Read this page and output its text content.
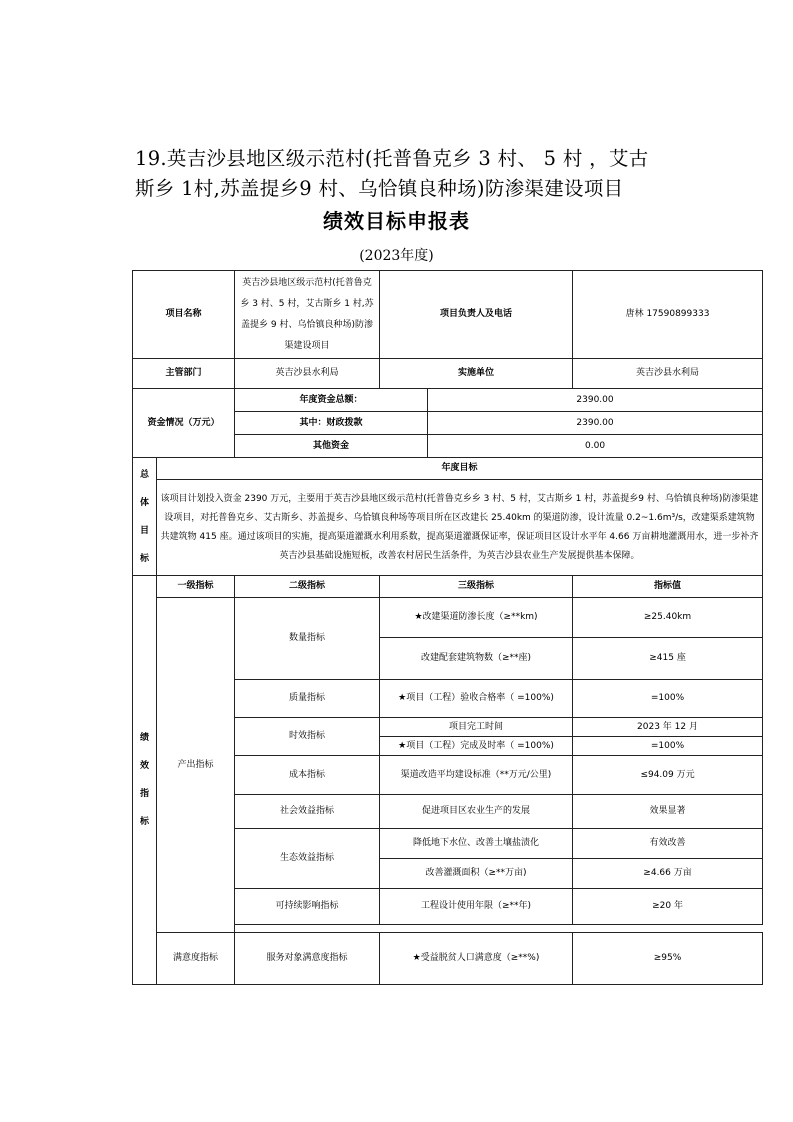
19.英吉沙县地区级示范村(托普鲁克乡 3 村、 5 村 ，艾古
斯乡 1村,苏盖提乡9 村、乌恰镇良种场)防渗渠建设项目
绩效目标申报表
(2023年度)
项目名称		英吉沙县地区级示范村(托普鲁克乡 3 村、5 村，艾古斯乡 1 村,苏盖提乡 9 村、乌恰镇良种场)防渗渠建设项目	项目负责人及电话		唐林 17590899333
主管部门		英吉沙县水利局	实施单位		英吉沙县水利局
资金情况（万元）		年度资金总额：		2390.00	
		其中：财政拨款		2390.00	
		其他资金		0.00	

总体
目标	年度目标				
	该项目计划投入资金 2390 万元，主要用于英吉沙县地区级示范村(托普鲁克乡乡 3 村、5 村，艾古斯乡 1 村，苏盖提乡9 村、乌恰镇良种场)防渗渠建设项目，对托普鲁克乡、艾古斯乡、苏盖提乡、乌恰镇良种场等项目所在区改建长 25.40km 的渠道防渗，设计流量 0.2~1.6m³/s，改建渠系建筑物共建筑物 415 座。通过该项目的实施，提高渠道灌溉水利用系数，提高渠道灌溉保证率，保证项目区设计水平年 4.66 万亩耕地灌溉用水，进一步补齐英吉沙县基础设施短板，改善农村居民生活条件，为英吉沙县农业生产发展提供基本保障。				

绩效
指标	一级指标	二级指标	三级指标		指标值
	产出指标	数量指标	★改建渠道防渗长度（≥**km)		≥25.40km
			改建配套建筑物数（≥**座)		≥415 座
		质量指标	★项目（工程）验收合格率（ =100%)		=100%
		时效指标	项目完工时间		2023 年 12 月
			★项目（工程）完成及时率（ =100%)		=100%
		成本指标	渠道改造平均建设标准（**万元/公里)		≤94.09 万元
		社会效益指标	促进项目区农业生产的发展		效果显著
		生态效益指标	降低地下水位、改善土壤盐渍化		有效改善
			改善灌溉面积（≥**万亩)		≥4.66 万亩
		可持续影响指标	工程设计使用年限（≥**年)		≥20 年

	满意度指标	服务对象满意度指标	★受益脱贫人口满意度（≥**%)		≥95%
